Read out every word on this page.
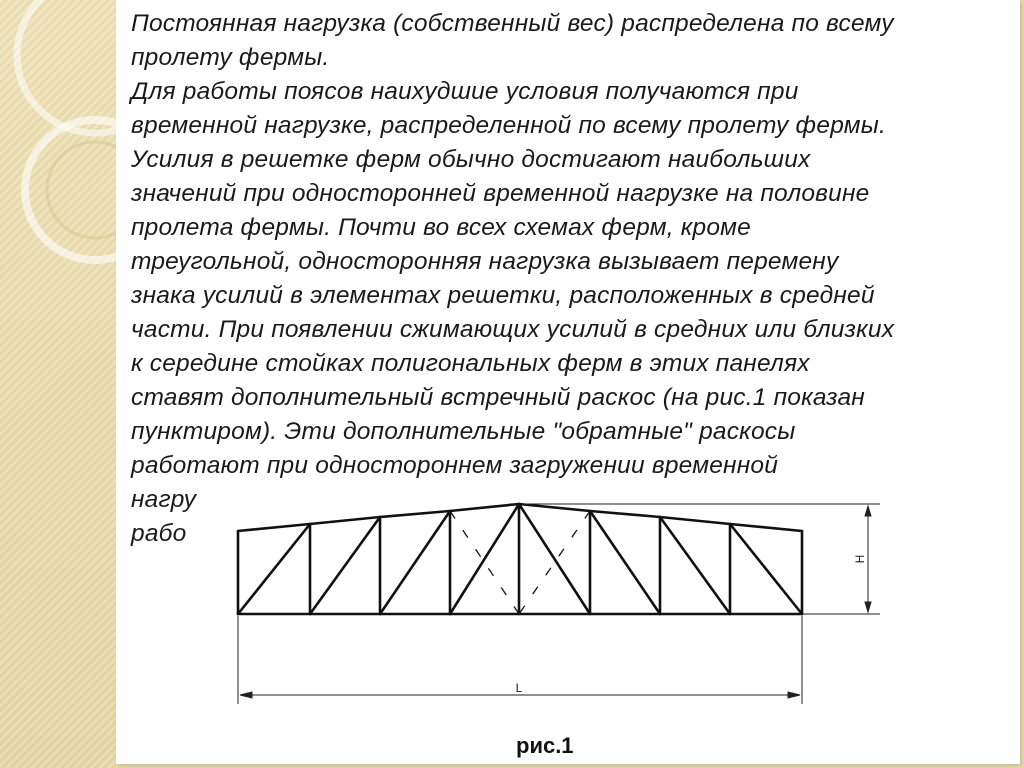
Постоянная нагрузка (собственный вес) распределена по всему
пролету фермы.
Для работы поясов наихудшие условия получаются при
временной нагрузке, распределенной по всему пролету фермы.
Усилия в решетке ферм обычно достигают наибольших
значений при односторонней временной нагрузке на половине
пролета фермы. Почти во всех схемах ферм, кроме
треугольной, односторонняя нагрузка вызывает перемену
знака усилий в элементах решетки, расположенных в средней
части. При появлении сжимающих усилий в средних или близких
к середине стойках полигональных ферм в этих панелях
ставят дополнительный встречный раскос (на рис.1 показан
пунктиром). Эти дополнительные "обратные" раскосы
работают при одностороннем загружении временной
нагру
рабо
H
L
рис.1
